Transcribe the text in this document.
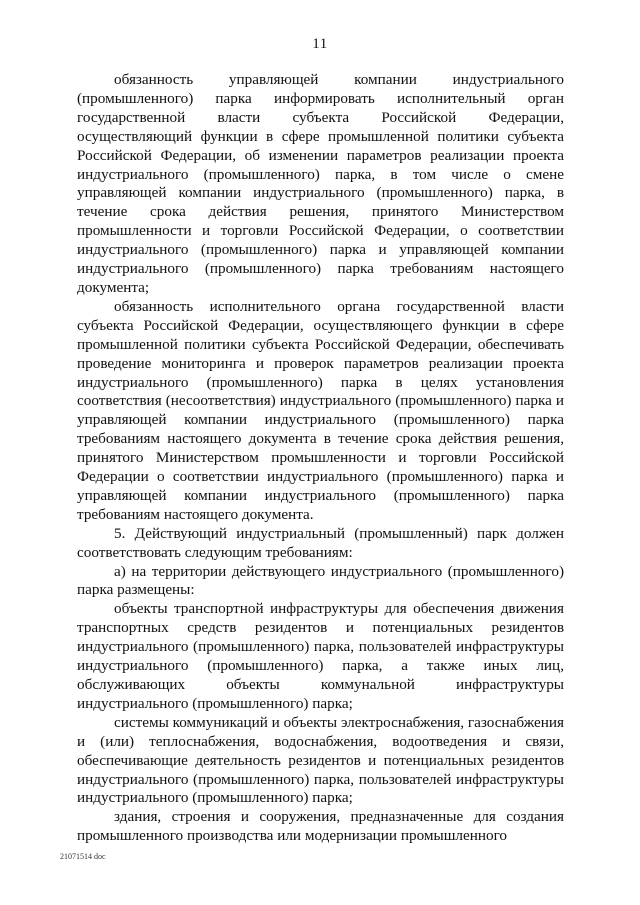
11

обязанность управляющей компании индустриального (промышленного) парка информировать исполнительный орган государственной власти субъекта Российской Федерации, осуществляющий функции в сфере промышленной политики субъекта Российской Федерации, об изменении параметров реализации проекта индустриального (промышленного) парка, в том числе о смене управляющей компании индустриального (промышленного) парка, в течение срока действия решения, принятого Министерством промышленности и торговли Российской Федерации, о соответствии индустриального (промышленного) парка и управляющей компании индустриального (промышленного) парка требованиям настоящего документа;

обязанность исполнительного органа государственной власти субъекта Российской Федерации, осуществляющего функции в сфере промышленной политики субъекта Российской Федерации, обеспечивать проведение мониторинга и проверок параметров реализации проекта индустриального (промышленного) парка в целях установления соответствия (несоответствия) индустриального (промышленного) парка и управляющей компании индустриального (промышленного) парка требованиям настоящего документа в течение срока действия решения, принятого Министерством промышленности и торговли Российской Федерации о соответствии индустриального (промышленного) парка и управляющей компании индустриального (промышленного) парка требованиям настоящего документа.

5. Действующий индустриальный (промышленный) парк должен соответствовать следующим требованиям:

а) на территории действующего индустриального (промышленного) парка размещены:

объекты транспортной инфраструктуры для обеспечения движения транспортных средств резидентов и потенциальных резидентов индустриального (промышленного) парка, пользователей инфраструктуры индустриального (промышленного) парка, а также иных лиц, обслуживающих объекты коммунальной инфраструктуры индустриального (промышленного) парка;

системы коммуникаций и объекты электроснабжения, газоснабжения и (или) теплоснабжения, водоснабжения, водоотведения и связи, обеспечивающие деятельность резидентов и потенциальных резидентов индустриального (промышленного) парка, пользователей инфраструктуры индустриального (промышленного) парка;

здания, строения и сооружения, предназначенные для создания промышленного производства или модернизации промышленного

21071514 doc
